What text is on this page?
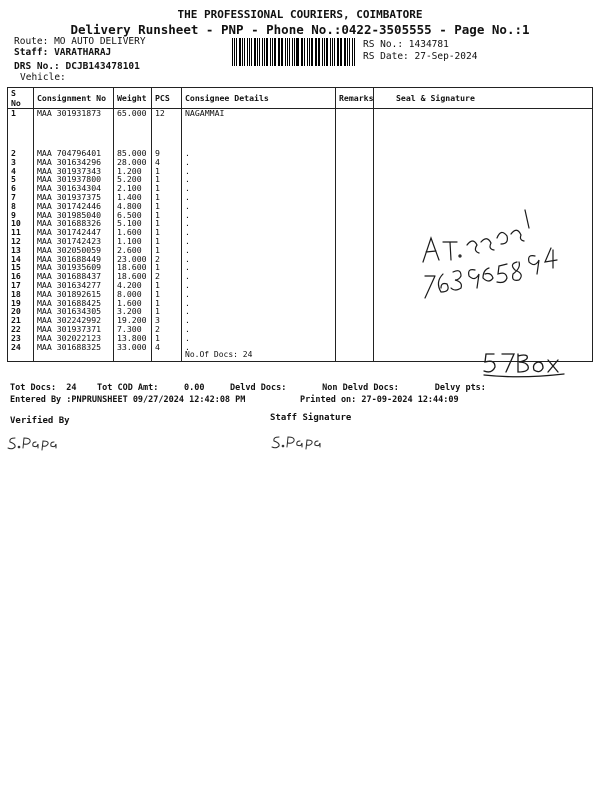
THE PROFESSIONAL COURIERS, COIMBATORE
Delivery Runsheet - PNP - Phone No.:0422-3505555 - Page No.:1
Route: MO AUTO DELIVERY
Staff: VARATHARAJ
DRS No.: DCJB143478101
Vehicle:
RS No.: 1434781
RS Date: 27-Sep-2024
S No	Consignment No	Weight	PCS	Consignee Details	Remarks	Seal & Signature
1	MAA 301931873	65.000	12	NAGAMMAI		
2	MAA 704796401	85.000	9	.		
3	MAA 301634296	28.000	4	.		
4	MAA 301937343	1.200	1	.		
5	MAA 301937800	5.200	1	.		
6	MAA 301634304	2.100	1	.		
7	MAA 301937375	1.400	1	.		
8	MAA 301742446	4.800	1	.		
9	MAA 301985040	6.500	1	.		
10	MAA 301688326	5.100	1	.		
11	MAA 301742447	1.600	1	.		
12	MAA 301742423	1.100	1	.		
13	MAA 302050059	2.600	1	.		
14	MAA 301688449	23.000	2	.		
15	MAA 301935609	18.600	1	.		
16	MAA 301688437	18.600	2	.		
17	MAA 301634277	4.200	1	.		
18	MAA 301892615	8.000	1	.		
19	MAA 301688425	1.600	1	.		
20	MAA 301634305	3.200	1	.		
21	MAA 302242992	19.200	3	.		
22	MAA 301937371	7.300	2	.		
23	MAA 302022123	13.800	1	.		
24	MAA 301688325	33.000	4	.
No.Of Docs: 24		

Tot Docs:  24    Tot COD Amt:     0.00     Delvd Docs:       Non Delvd Docs:       Delvy pts:
Entered By :PNPRUNSHEET 09/27/2024 12:42:08 PM	Printed on: 27-09-2024 12:44:09
Verified By	Staff Signature
